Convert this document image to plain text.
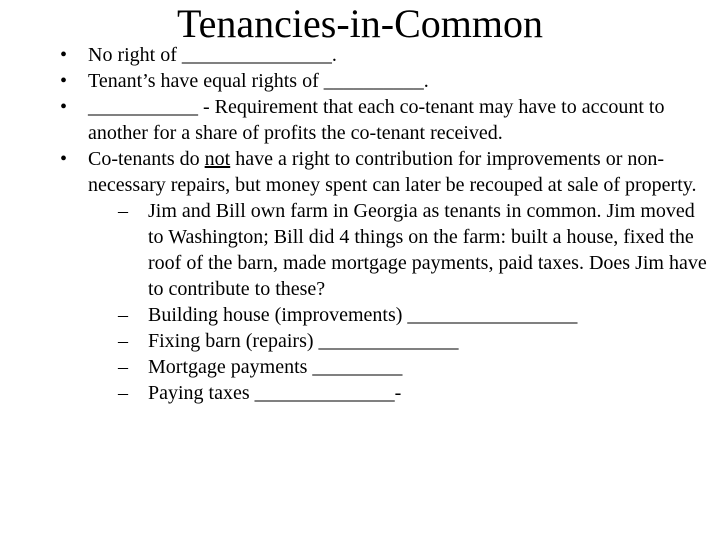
Tenancies-in-Common
• No right of _______________.
• Tenant’s have equal rights of __________.
• ___________ - Requirement that each co-tenant may have to account to another for a share of profits the co-tenant received.
• Co-tenants do not have a right to contribution for improvements or non-necessary repairs, but money spent can later be recouped at sale of property.
– Jim and Bill own farm in Georgia as tenants in common. Jim moved to Washington; Bill did 4 things on the farm: built a house, fixed the roof of the barn, made mortgage payments, paid taxes. Does Jim have to contribute to these?
– Building house (improvements) _________________
– Fixing barn (repairs) ______________
– Mortgage payments _________
– Paying taxes ______________-
